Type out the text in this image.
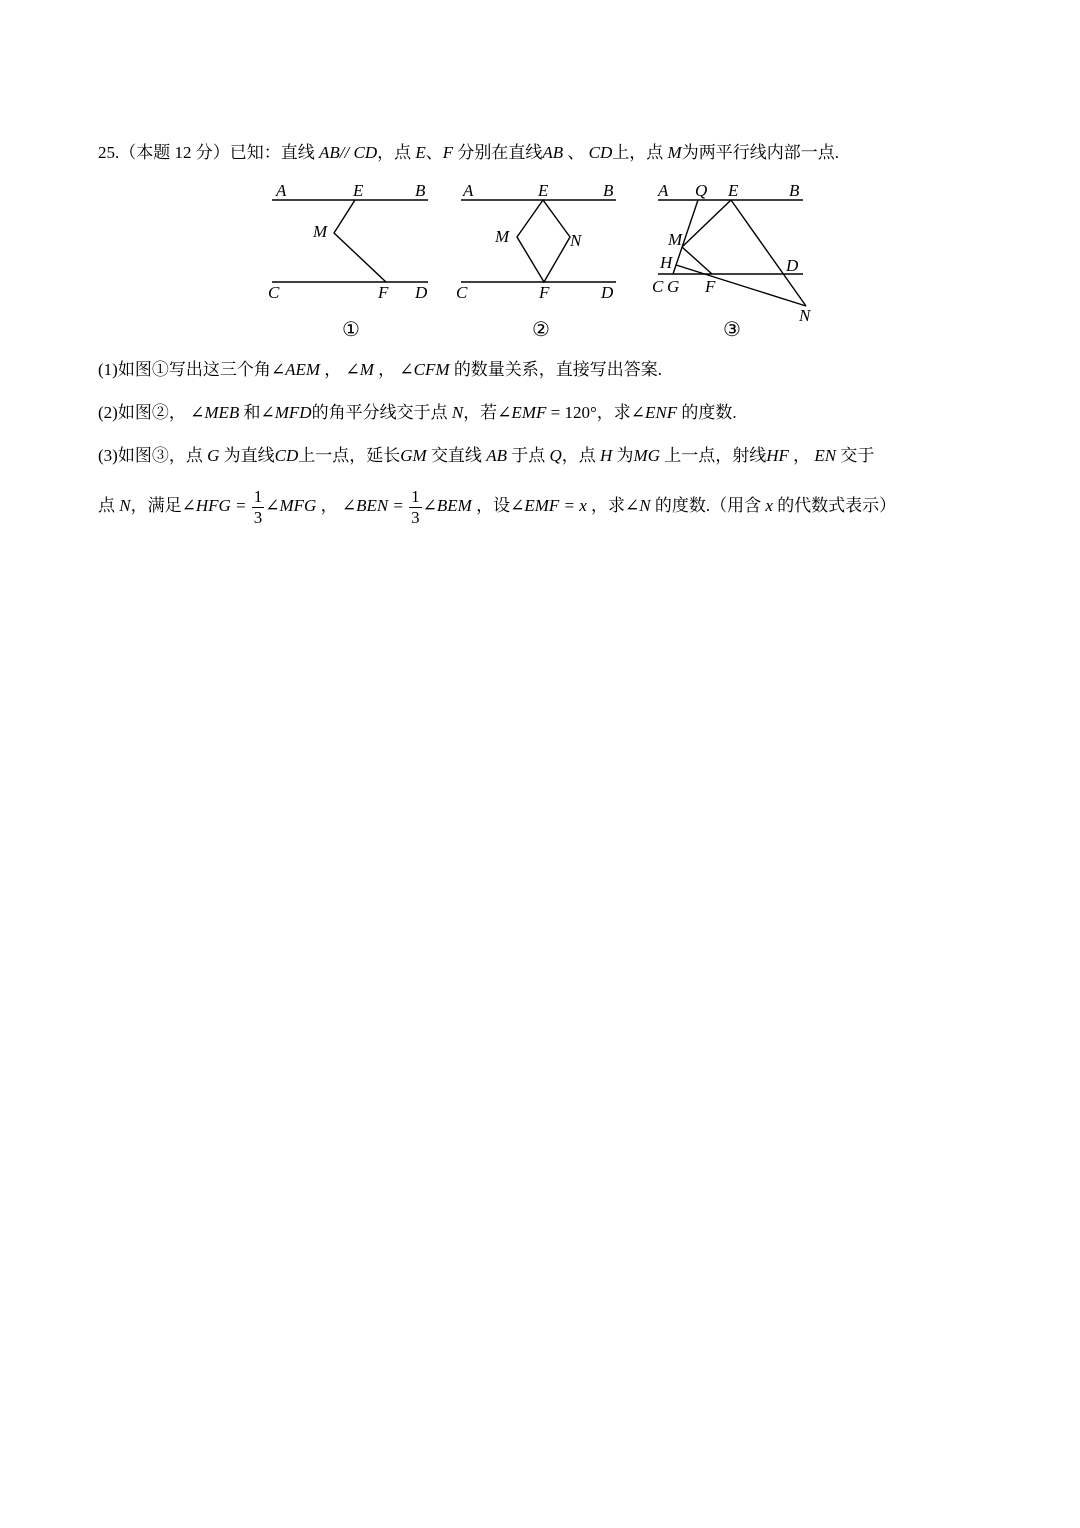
25.（本题 12 分）已知：直线 AB// CD，点 E、F 分别在直线AB 、 CD上，点 M为两平行线内部一点.
A	E	B
M
C	F D
①
A	E	B
M	N
C	F	D
②
A Q E	B
M
H	D
C G F
N
③
(1)如图①写出这三个角∠AEM ， ∠M ， ∠CFM 的数量关系，直接写出答案.
(2)如图②， ∠MEB 和∠MFD的角平分线交于点 N，若∠EMF = 120°，求∠ENF 的度数.
(3)如图③，点 G 为直线CD上一点，延长GM 交直线 AB 于点 Q，点 H 为MG 上一点，射线HF ， EN 交于
点 N，满足∠HFG = $\frac{1}{3}$ ∠MFG ， ∠BEN = $\frac{1}{3}$ ∠BEM ，设∠EMF = x ，求∠N 的度数.（用含 x 的代数式表示）
